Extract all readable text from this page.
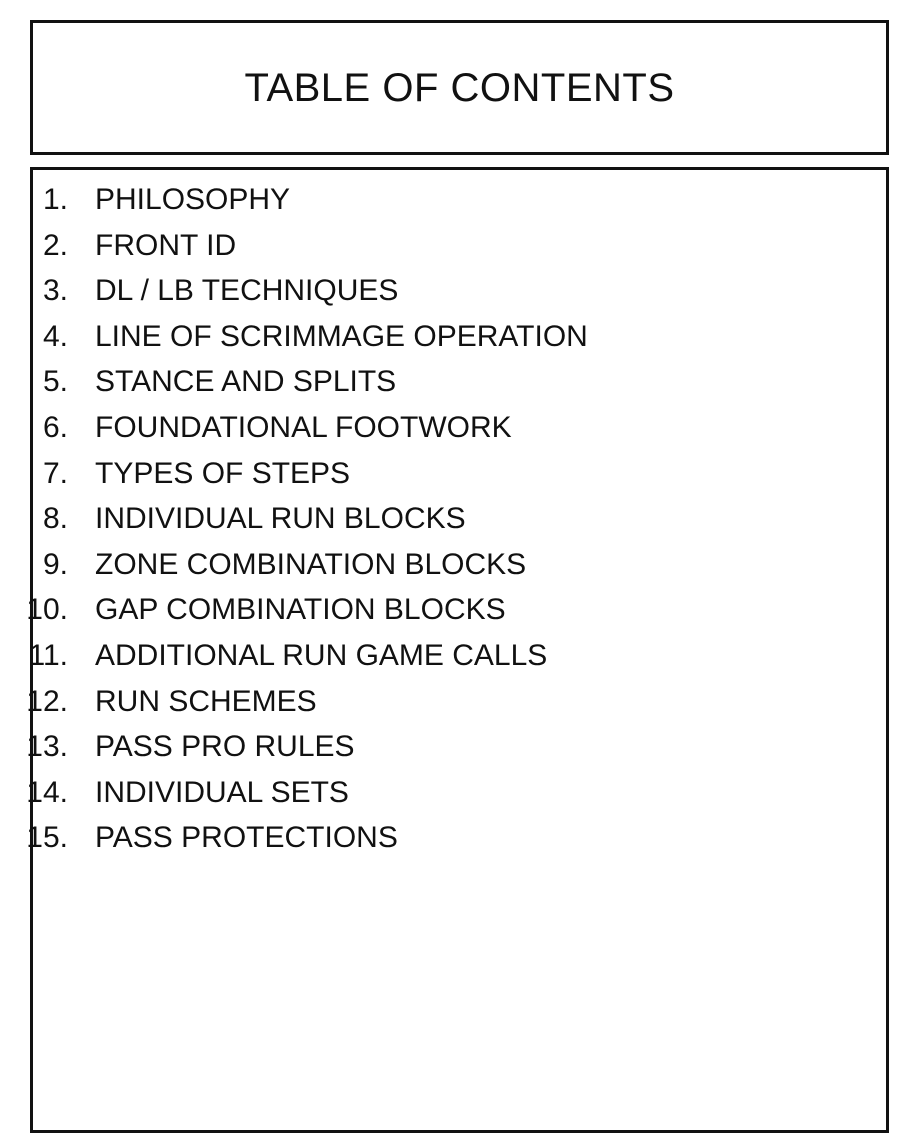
TABLE OF CONTENTS
1. PHILOSOPHY
2. FRONT ID
3. DL / LB TECHNIQUES
4. LINE OF SCRIMMAGE OPERATION
5. STANCE AND SPLITS
6. FOUNDATIONAL FOOTWORK
7. TYPES OF STEPS
8. INDIVIDUAL RUN BLOCKS
9. ZONE COMBINATION BLOCKS
10. GAP COMBINATION BLOCKS
11. ADDITIONAL RUN GAME CALLS
12. RUN SCHEMES
13. PASS PRO RULES
14. INDIVIDUAL SETS
15. PASS PROTECTIONS
